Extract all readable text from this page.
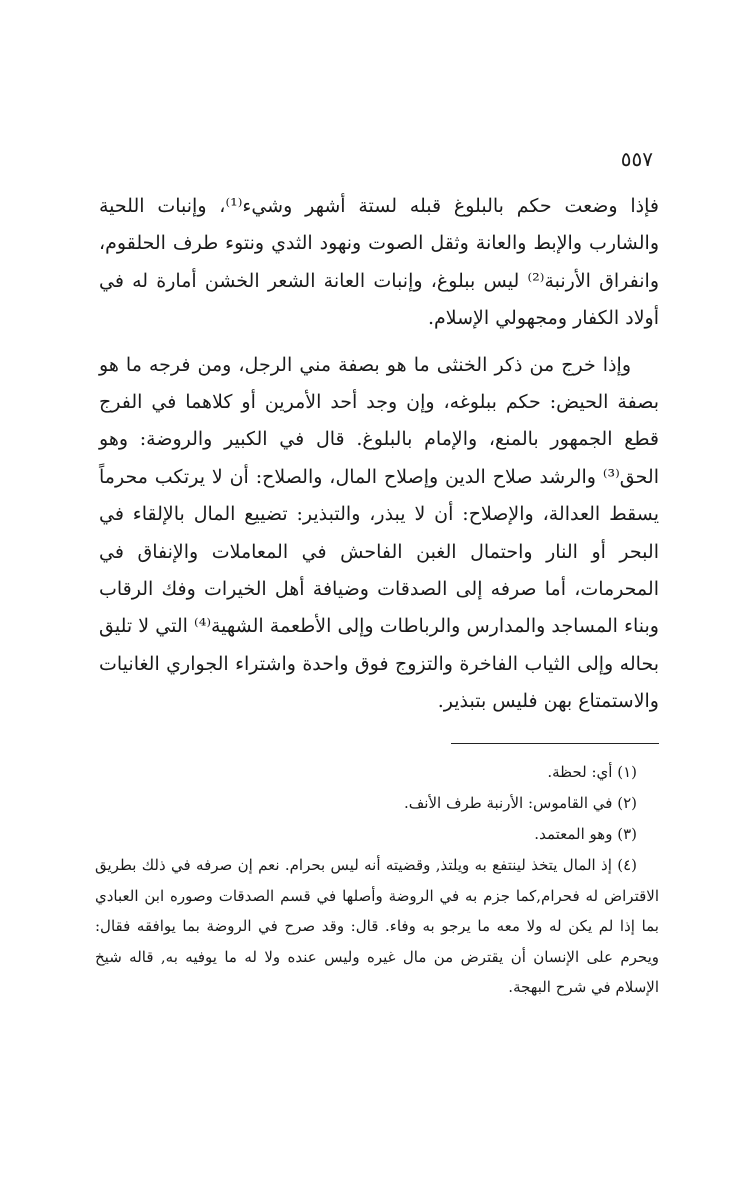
٥٥٧

فإذا وضعت حكم بالبلوغ قبله لستة أشهر وشيء⁽¹⁾، وإنبات اللحية والشارب والإبط والعانة وثقل الصوت ونهود الثدي ونتوء طرف الحلقوم، وانفراق الأرنبة⁽²⁾ ليس ببلوغ، وإنبات العانة الشعر الخشن أمارة له في أولاد الكفار ومجهولي الإسلام.

وإذا خرج من ذكر الخنثى ما هو بصفة مني الرجل، ومن فرجه ما هو بصفة الحيض: حكم ببلوغه، وإن وجد أحد الأمرين أو كلاهما في الفرج قطع الجمهور بالمنع، والإمام بالبلوغ. قال في الكبير والروضة: وهو الحق⁽³⁾ والرشد صلاح الدين وإصلاح المال، والصلاح: أن لا يرتكب محرماً يسقط العدالة، والإصلاح: أن لا يبذر، والتبذير: تضييع المال بالإلقاء في البحر أو النار واحتمال الغبن الفاحش في المعاملات والإنفاق في المحرمات، أما صرفه إلى الصدقات وضيافة أهل الخيرات وفك الرقاب وبناء المساجد والمدارس والرباطات وإلى الأطعمة الشهية⁽⁴⁾ التي لا تليق بحاله وإلى الثياب الفاخرة والتزوج فوق واحدة واشتراء الجواري الغانيات والاستمتاع بهن فليس بتبذير.

(١) أي: لحظة.

(٢) في القاموس: الأرنبة طرف الأنف.

(٣) وهو المعتمد.

(٤) إذ المال يتخذ لينتفع به ويلتذ, وقضيته أنه ليس بحرام. نعم إن صرفه في ذلك بطريق الاقتراض له فحرام,كما جزم به في الروضة وأصلها في قسم الصدقات وصوره ابن العبادي بما إذا لم يكن له ولا معه ما يرجو به وفاء. قال: وقد صرح في الروضة بما يوافقه فقال: ويحرم على الإنسان أن يقترض من مال غيره وليس عنده ولا له ما يوفيه به, قاله شيخ الإسلام في شرح البهجة.
